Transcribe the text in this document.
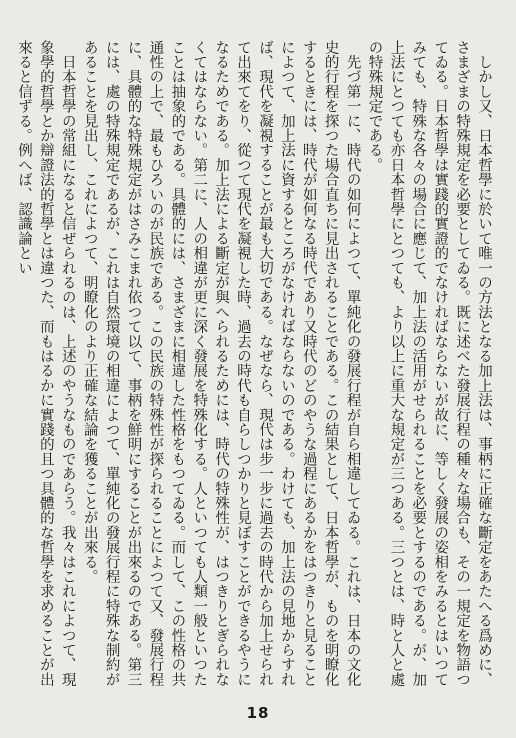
　しかし又、日本哲學に於いて唯一の方法となる加上法は、事柄に正確な斷定をあたへる爲めに、さまざまの特殊規定を必要としてゐる。既に述べた發展行程の種々な場合も、その一規定を物語つてゐる。日本哲學は實踐的實證的でなければならないが故に、等しく發展の姿相をみるとはいつてみても、特殊な各々の場合に應じて、加上法の活用がせられることを必要とするのである。が、加上法にとつても亦日本哲學にとつても、より以上に重大な規定が三つある。三つとは、時と人と處の特殊規定である。

　先づ第一に、時代の如何によつて、單純化の發展行程が自ら相違してゐる。これは、日本の文化史的行程を探つた場合直ちに見出されることである。この結果として、日本哲學が、ものを明瞭化するときには、時代が如何なる時代であり又時代のどのやうな過程にあるかをはつきりと見ることによつて、加上法に資するところがなければならないのである。わけても、加上法の見地からすれば、現代を凝視することが最も大切である。なぜなら、現代は步一步に過去の時代から加上せられて出來てをり、從つて現代を凝視した時、過去の時代も自らしつかりと見ぼすことができるやうになるためである。加上法による斷定が與へられるためには、時代の特殊性が、はつきりとぎられなくてはならない。第二に、人の相違が更に深く發展を特殊化する。人といつても人類一般といつたことは抽象的である。具體的には、さまざまに相違した性格をもつてゐる。而して、この性格の共通性の上で、最もひろいのが民族である。この民族の特殊性が探られることによつて又、發展行程に、具體的な特殊規定がはさみこまれ依つて以て、事柄を鮮明にすることが出來るのである。第三には、處の特殊規定であるが、これは自然環境の相違によつて、單純化の發展行程に特殊な制約があることを見出し、これによつて、明瞭化のより正確な結論を獲ることが出來る。

　日本哲學の常組になると信ぜられるのは、上述のやうなものであらう。我々はこれによつて、現象學的哲學とか辯證法的哲學とは違つた、而もはるかに實踐的且つ具體的な哲學を求めることが出來ると信ずる。例へば、認識論とい

18
